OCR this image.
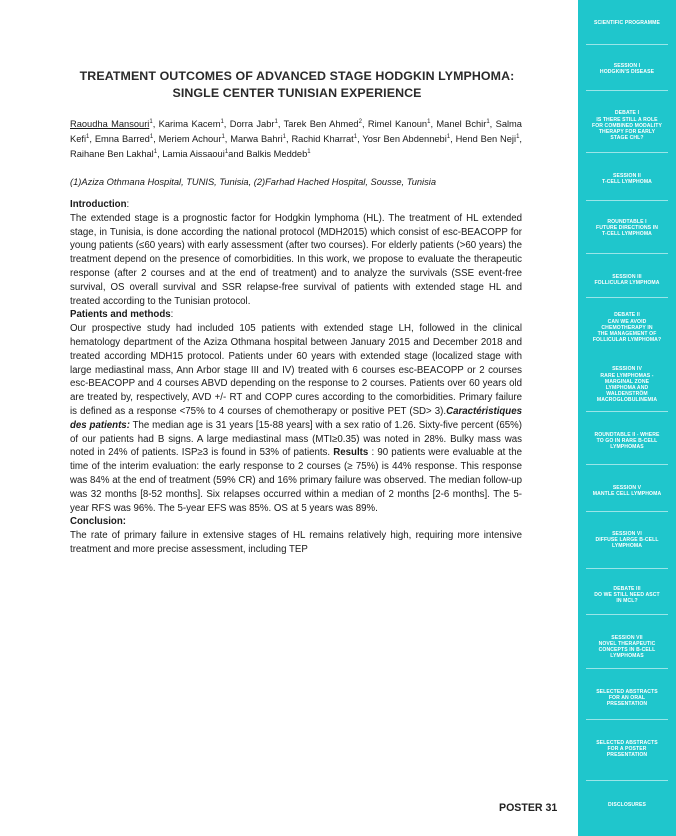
TREATMENT OUTCOMES OF ADVANCED STAGE HODGKIN LYMPHOMA:
SINGLE CENTER TUNISIAN EXPERIENCE
Raoudha Mansouri$^1$, Karima Kacem$^1$, Dorra Jabr$^1$, Tarek Ben Ahmed$^2$, Rimel Kanoun$^1$, Manel Bchir$^1$, Salma Kefi$^1$, Emna Barred$^1$, Meriem Achour$^1$, Marwa Bahri$^1$, Rachid Kharrat$^1$, Yosr Ben Abdennebi$^1$, Hend Ben Neji$^1$, Raihane Ben Lakhal$^1$, Lamia Aissaoui$^1$and Balkis Meddeb$^1$
(1)Aziza Othmana Hospital, TUNIS, Tunisia, (2)Farhad Hached Hospital, Sousse, Tunisia

Introduction:

The extended stage is a prognostic factor for Hodgkin lymphoma (HL). The treatment of HL extended stage, in Tunisia, is done according the national protocol (MDH2015) which consist of esc-BEACOPP for young patients (≤60 years) with early assessment (after two courses). For elderly patients (>60 years) the treatment depend on the presence of comorbidities. In this work, we propose to evaluate the therapeutic response (after 2 courses and at the end of treatment) and to analyze the survivals (SSE event-free survival, OS overall survival and SSR relapse-free survival of patients with extended stage HL and treated according to the Tunisian protocol.

Patients and methods:

Our prospective study had included 105 patients with extended stage LH, followed in the clinical hematology department of the Aziza Othmana hospital between January 2015 and December 2018 and treated according MDH15 protocol. Patients under 60 years with extended stage (localized stage with large mediastinal mass, Ann Arbor stage III and IV) treated with 6 courses esc-BEACOPP or 2 courses esc-BEACOPP and 4 courses ABVD depending on the response to 2 courses. Patients over 60 years old are treated by, respectively, AVD +/- RT and COPP cures according to the comorbidities. Primary failure is defined as a response <75% to 4 courses of chemotherapy or positive PET (SD> 3).Caractéristiques des patients: The median age is 31 years [15-88 years] with a sex ratio of 1.26. Sixty-five percent (65%) of our patients had B signs. A large mediastinal mass (MTI≥0.35) was noted in 28%. Bulky mass was noted in 24% of patients. ISP≥3 is found in 53% of patients. Results : 90 patients were evaluable at the time of the interim evaluation: the early response to 2 courses (≥ 75%) is 44% response. This response was 84% at the end of treatment (59% CR) and 16% primary failure was observed. The median follow-up was 32 months [8-52 months]. Six relapses occurred within a median of 2 months [2-6 months]. The 5-year RFS was 96%. The 5-year EFS was 85%. OS at 5 years was 89%.

Conclusion:

The rate of primary failure in extensive stages of HL remains relatively high, requiring more intensive treatment and more precise assessment, including TEP

POSTER 31
SCIENTIFIC PROGRAMME
SESSION I
HODGKIN'S DISEASE
DEBATE I
IS THERE STILL A ROLE
FOR COMBINED MODALITY
THERAPY FOR EARLY
STAGE CHL?
SESSION II
T-CELL LYMPHOMA
ROUNDTABLE I
FUTURE DIRECTIONS IN
T-CELL LYMPHOMA
SESSION III
FOLLICULAR LYMPHOMA
DEBATE II
CAN WE AVOID
CHEMOTHERAPY IN
THE MANAGEMENT OF
FOLLICULAR LYMPHOMA?
SESSION IV
RARE LYMPHOMAS -
MARGINAL ZONE
LYMPHOMA AND
WALDENSTRÖM
MACROGLOBULINEMIA
ROUNDTABLE II - WHERE
TO GO IN RARE B-CELL
LYMPHOMAS
SESSION V
MANTLE CELL LYMPHOMA
SESSION VI
DIFFUSE LARGE B-CELL
LYMPHOMA
DEBATE III
DO WE STILL NEED ASCT
IN MCL?
SESSION VII
NOVEL THERAPEUTIC
CONCEPTS IN B-CELL
LYMPHOMAS
SELECTED ABSTRACTS
FOR AN ORAL
PRESENTATION
SELECTED ABSTRACTS
FOR A POSTER
PRESENTATION
DISCLOSURES
